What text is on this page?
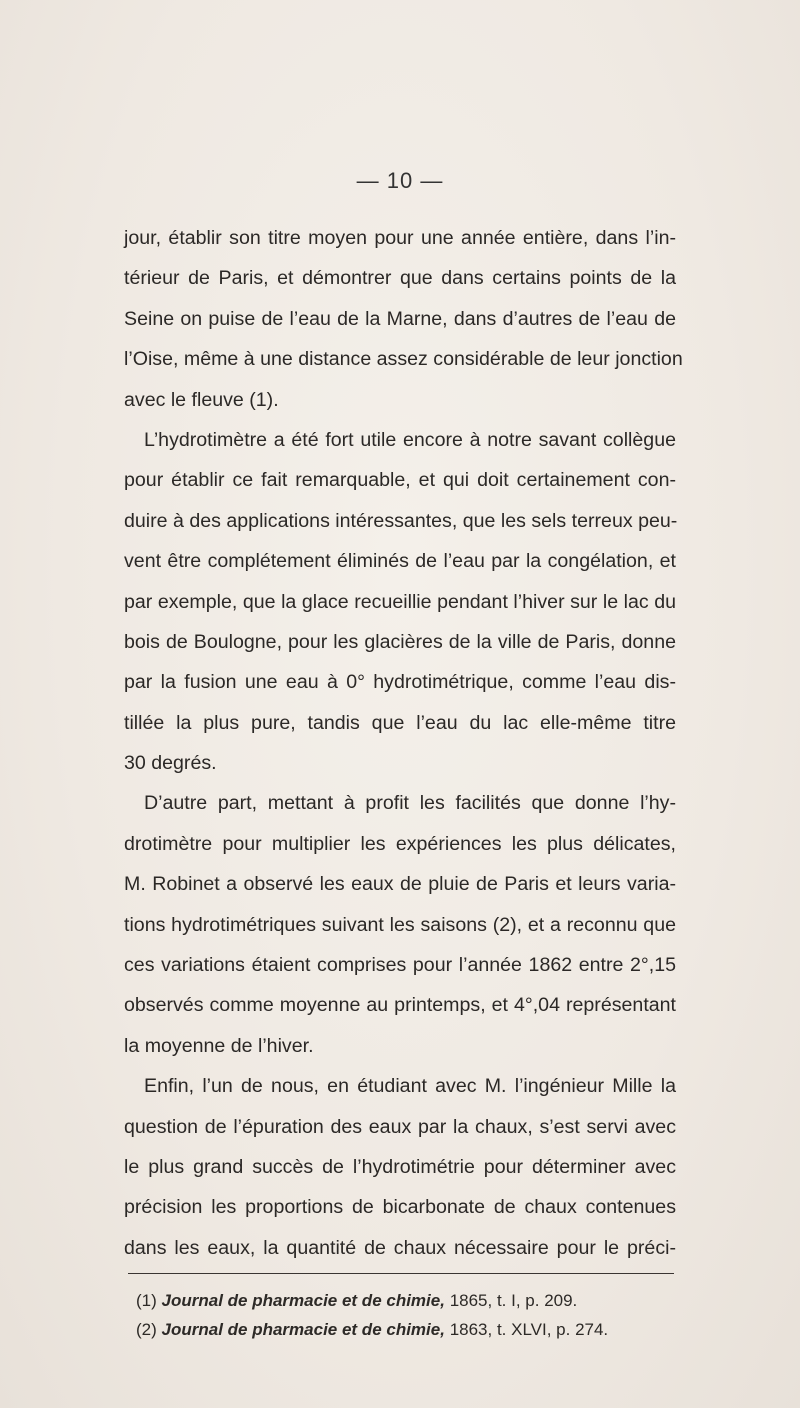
— 10 —
jour, établir son titre moyen pour une année entière, dans l’in-
térieur de Paris, et démontrer que dans certains points de la
Seine on puise de l’eau de la Marne, dans d’autres de l’eau de
l’Oise, même à une distance assez considérable de leur jonction
avec le fleuve (1).
L’hydrotimètre a été fort utile encore à notre savant collègue
pour établir ce fait remarquable, et qui doit certainement con-
duire à des applications intéressantes, que les sels terreux peu-
vent être complétement éliminés de l’eau par la congélation, et
par exemple, que la glace recueillie pendant l’hiver sur le lac du
bois de Boulogne, pour les glacières de la ville de Paris, donne
par la fusion une eau à 0° hydrotimétrique, comme l’eau dis-
tillée la plus pure, tandis que l’eau du lac elle-même titre
30 degrés.
D’autre part, mettant à profit les facilités que donne l’hy-
drotimètre pour multiplier les expériences les plus délicates,
M. Robinet a observé les eaux de pluie de Paris et leurs varia-
tions hydrotimétriques suivant les saisons (2), et a reconnu que
ces variations étaient comprises pour l’année 1862 entre 2°,15
observés comme moyenne au printemps, et 4°,04 représentant
la moyenne de l’hiver.
Enfin, l’un de nous, en étudiant avec M. l’ingénieur Mille la
question de l’épuration des eaux par la chaux, s’est servi avec
le plus grand succès de l’hydrotimétrie pour déterminer avec
précision les proportions de bicarbonate de chaux contenues
dans les eaux, la quantité de chaux nécessaire pour le préci-
(1) Journal de pharmacie et de chimie, 1865, t. I, p. 209.
(2) Journal de pharmacie et de chimie, 1863, t. XLVI, p. 274.
